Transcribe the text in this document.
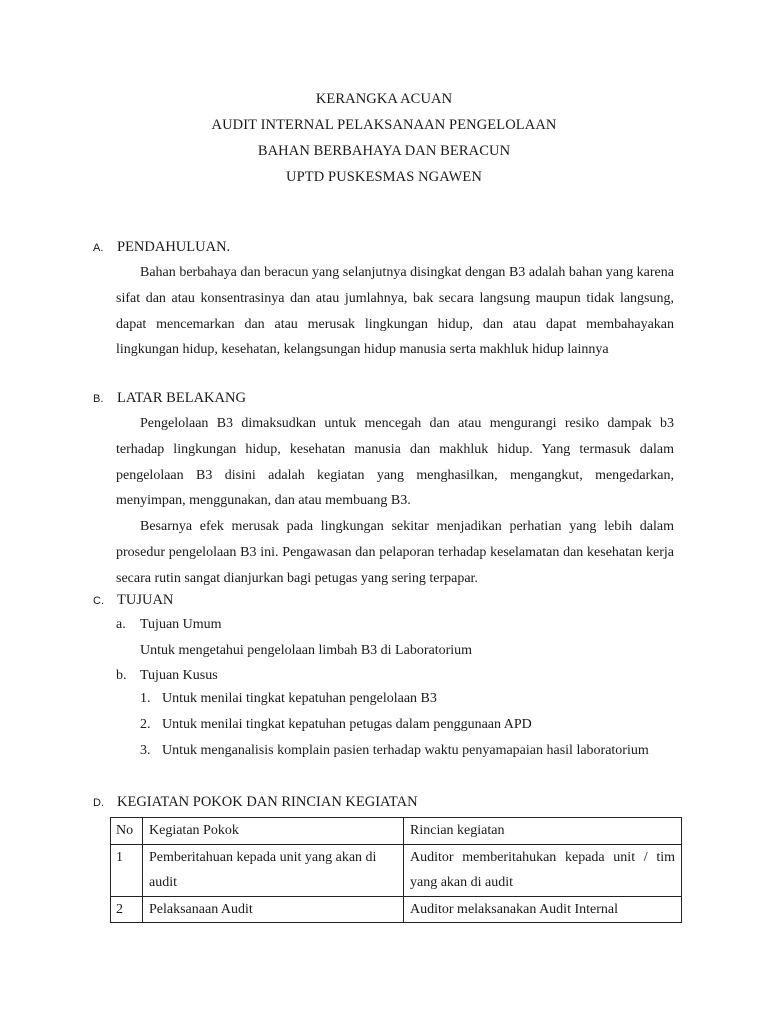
KERANGKA ACUAN
AUDIT INTERNAL PELAKSANAAN PENGELOLAAN
BAHAN BERBAHAYA DAN BERACUN
UPTD PUSKESMAS NGAWEN
A. PENDAHULUAN.
Bahan berbahaya dan beracun yang selanjutnya disingkat dengan B3 adalah bahan yang karena sifat dan atau konsentrasinya dan atau jumlahnya, bak secara langsung maupun tidak langsung, dapat mencemarkan dan atau merusak lingkungan hidup, dan atau dapat membahayakan lingkungan hidup, kesehatan, kelangsungan hidup manusia serta makhluk hidup lainnya
B. LATAR BELAKANG
Pengelolaan B3 dimaksudkan untuk mencegah dan atau mengurangi resiko dampak b3 terhadap lingkungan hidup, kesehatan manusia dan makhluk hidup. Yang termasuk dalam pengelolaan B3 disini adalah kegiatan yang menghasilkan, mengangkut, mengedarkan, menyimpan, menggunakan, dan atau membuang B3.
Besarnya efek merusak pada lingkungan sekitar menjadikan perhatian yang lebih dalam prosedur pengelolaan B3 ini. Pengawasan dan pelaporan terhadap keselamatan dan kesehatan kerja secara rutin sangat dianjurkan bagi petugas yang sering terpapar.
C. TUJUAN
a. Tujuan Umum
Untuk mengetahui pengelolaan limbah B3 di Laboratorium
b. Tujuan Kusus
1. Untuk menilai tingkat kepatuhan pengelolaan B3
2. Untuk menilai tingkat kepatuhan petugas dalam penggunaan APD
3. Untuk menganalisis komplain pasien terhadap waktu penyamapaian hasil laboratorium
D. KEGIATAN POKOK DAN RINCIAN KEGIATAN
No	Kegiatan Pokok	Rincian kegiatan
1	Pemberitahuan kepada unit yang akan di audit	Auditor memberitahukan kepada unit / tim yang akan di audit
2	Pelaksanaan Audit	Auditor melaksanakan Audit Internal
